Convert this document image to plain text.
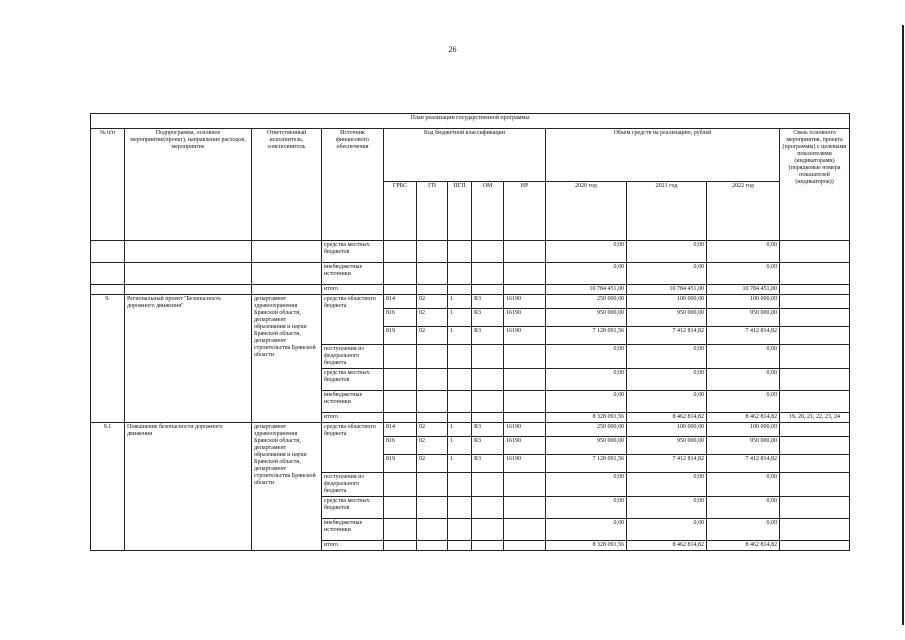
26
План реализации государственной программы												
№ п/п	Подпрограмма, основное мероприятие(проект), направление расходов, мероприятие	Ответственный исполнитель, соисполнитель	Источник финансового обеспечения	Код бюджетной классификации					Объем средств на реализацию, рублей			Связь основного мероприятия, проекта (программы) с целевыми показателями (индикаторами) (порядковые номера показателей (индикаторов))
				ГРБС	ГП	ПГП	ОМ	НР	2020 год	2021 год	2022 год	
			средства местных бюджетов						0,00	0,00	0,00	
			внебюджетные источники						0,00	0,00	0,00	
			итого						10 784 451,00	10 784 451,00	10 784 451,00	
9.	Региональный проект "Безопасность дорожного движения"	департамент здравоохранения Брянской области, департамент образования и науки Брянской области, департамент строительства Брянской области	средства областного бюджета	814	02	1	R3	16190	250 000,00	100 000,00	100 000,00	
				816	02	1	R3	16190	950 000,00	950 000,00	950 000,00	
				819	02	1	R3	16190	7 128 091,56	7 412 814,82	7 412 814,82	
			поступления из федерального бюджета						0,00	0,00	0,00	
			средства местных бюджетов						0,00	0,00	0,00	
			внебюджетные источники						0,00	0,00	0,00	
			итого						8 328 091,56	8 462 814,82	8 462 814,82	19, 20, 21, 22, 23, 24
9.1	Повышение безопасности дорожного движения	департамент здравоохранения Брянской области, департамент образования и науки Брянской области, департамент строительства Брянской области	средства областного бюджета	814	02	1	R3	16190	250 000,00	100 000,00	100 000,00	
				816	02	1	R3	16190	950 000,00	950 000,00	950 000,00	
				819	02	1	R3	16190	7 128 091,56	7 412 814,82	7 412 814,82	
			поступления из федерального бюджета						0,00	0,00	0,00	
			средства местных бюджетов						0,00	0,00	0,00	
			внебюджетные источники						0,00	0,00	0,00	
			итого						8 328 091,56	8 462 814,82	8 462 814,82	
